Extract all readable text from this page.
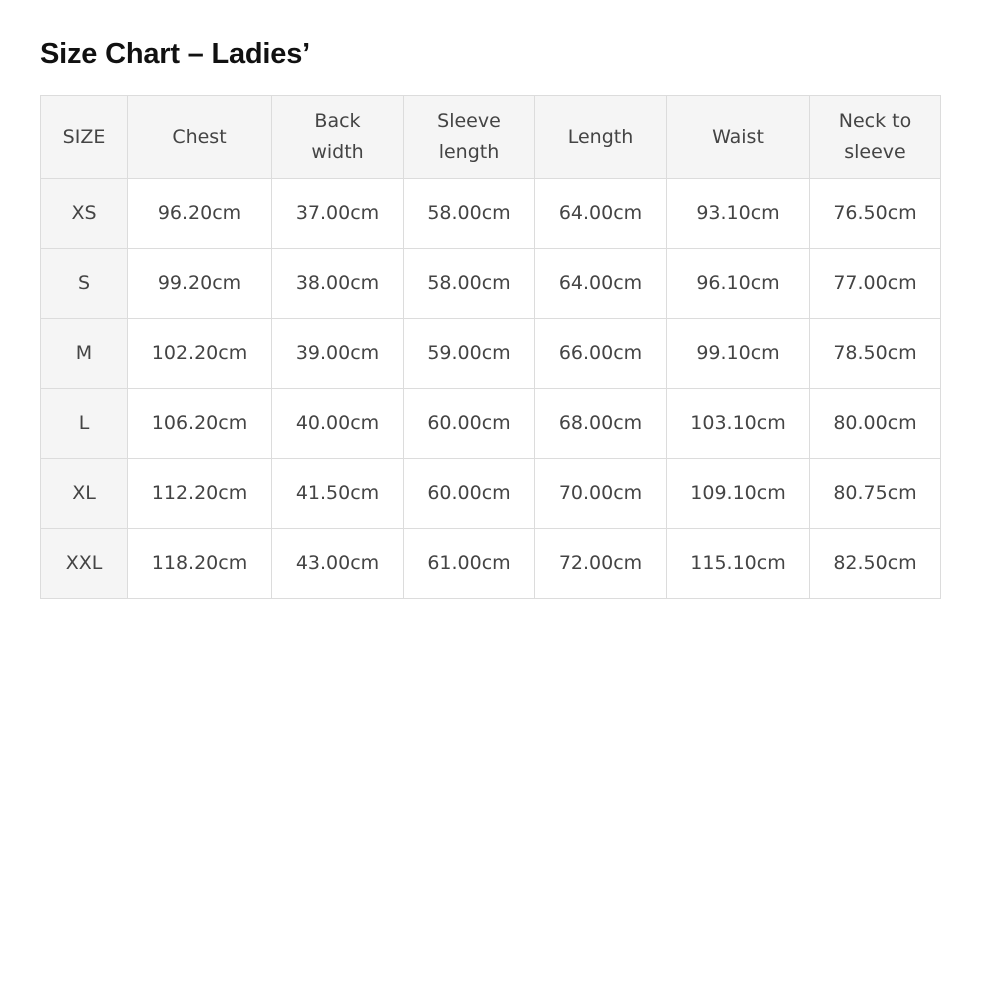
Size Chart – Ladies’
SIZE	Chest	Back width	Sleeve length	Length	Waist	Neck to sleeve
XS	96.20cm	37.00cm	58.00cm	64.00cm	93.10cm	76.50cm
S	99.20cm	38.00cm	58.00cm	64.00cm	96.10cm	77.00cm
M	102.20cm	39.00cm	59.00cm	66.00cm	99.10cm	78.50cm
L	106.20cm	40.00cm	60.00cm	68.00cm	103.10cm	80.00cm
XL	112.20cm	41.50cm	60.00cm	70.00cm	109.10cm	80.75cm
XXL	118.20cm	43.00cm	61.00cm	72.00cm	115.10cm	82.50cm
